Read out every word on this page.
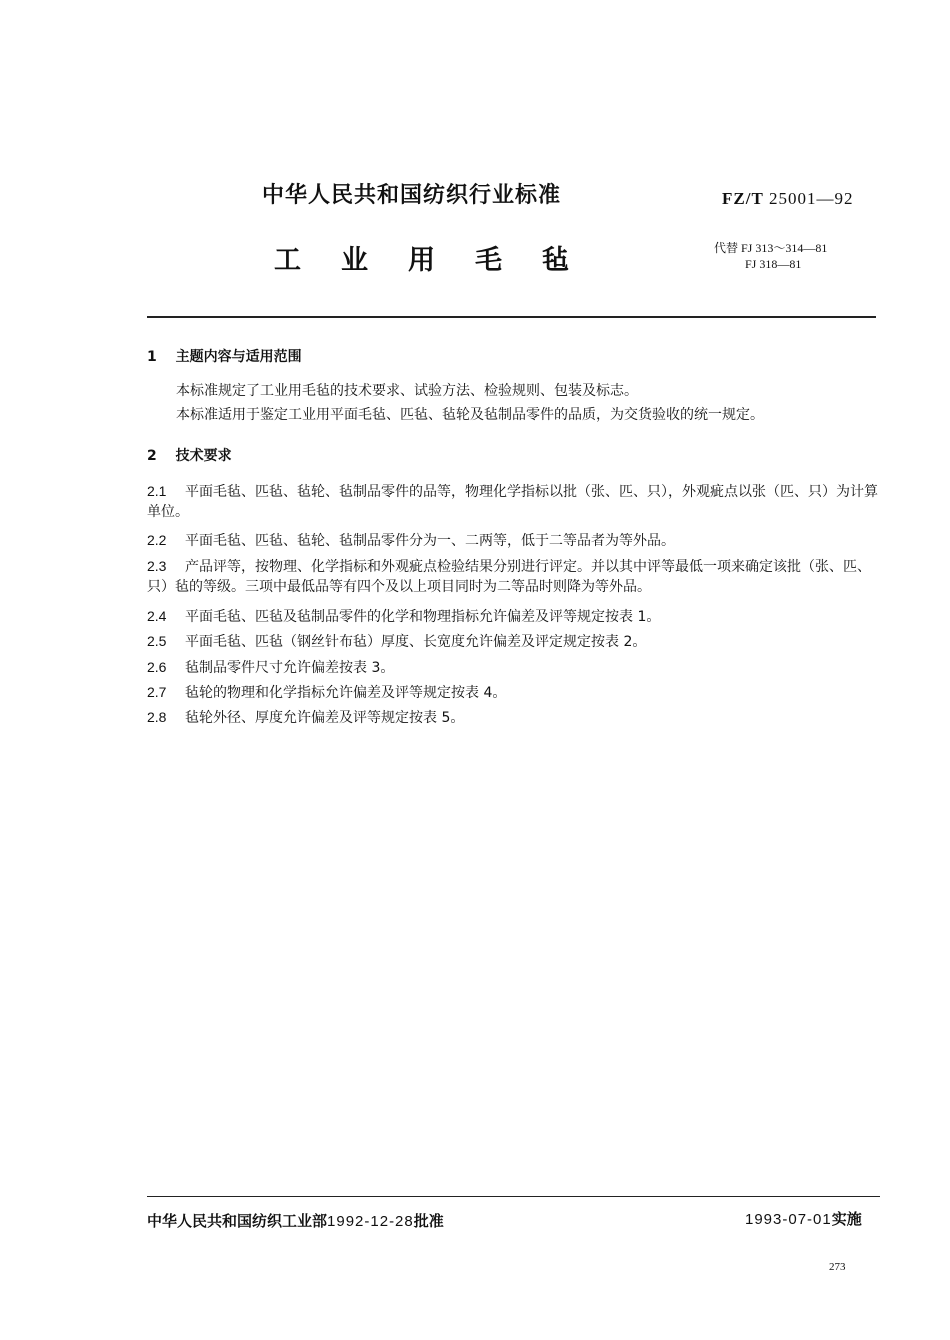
中华人民共和国纺织行业标准	FZ/T 25001—92
工业用毛毡	代替 FJ 313～314—81
FJ 318—81
1 主题内容与适用范围
本标准规定了工业用毛毡的技术要求、试验方法、检验规则、包装及标志。
本标准适用于鉴定工业用平面毛毡、匹毡、毡轮及毡制品零件的品质，为交货验收的统一规定。
2 技术要求
2.1 平面毛毡、匹毡、毡轮、毡制品零件的品等，物理化学指标以批（张、匹、只），外观疵点以张（匹、只）为计算单位。
2.2 平面毛毡、匹毡、毡轮、毡制品零件分为一、二两等，低于二等品者为等外品。
2.3 产品评等，按物理、化学指标和外观疵点检验结果分别进行评定。并以其中评等最低一项来确定该批（张、匹、只）毡的等级。三项中最低品等有四个及以上项目同时为二等品时则降为等外品。
2.4 平面毛毡、匹毡及毡制品零件的化学和物理指标允许偏差及评等规定按表 1。
2.5 平面毛毡、匹毡（钢丝针布毡）厚度、长宽度允许偏差及评定规定按表 2。
2.6 毡制品零件尺寸允许偏差按表 3。
2.7 毡轮的物理和化学指标允许偏差及评等规定按表 4。
2.8 毡轮外径、厚度允许偏差及评等规定按表 5。
中华人民共和国纺织工业部1992-12-28批准	1993-07-01实施
273
